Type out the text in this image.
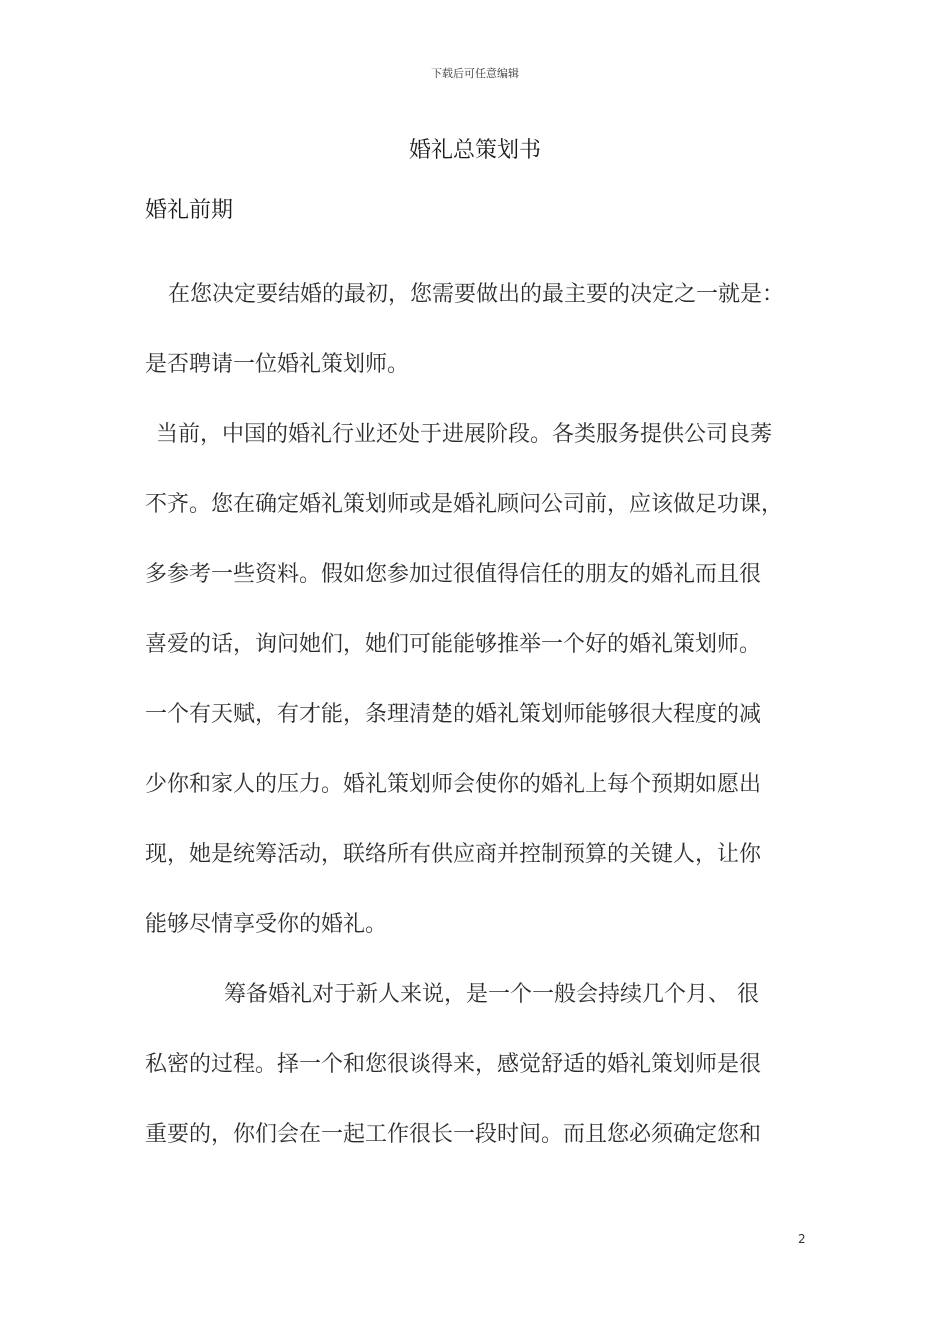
下载后可任意编辑
婚礼总策划书
婚礼前期
在您决定要结婚的最初，您需要做出的最主要的决定之一就是：
是否聘请一位婚礼策划师。
当前，中国的婚礼行业还处于进展阶段。各类服务提供公司良莠
不齐。您在确定婚礼策划师或是婚礼顾问公司前，应该做足功课，
多参考一些资料。假如您参加过很值得信任的朋友的婚礼而且很
喜爱的话，询问她们，她们可能能够推举一个好的婚礼策划师。
一个有天赋，有才能，条理清楚的婚礼策划师能够很大程度的减
少你和家人的压力。婚礼策划师会使你的婚礼上每个预期如愿出
现，她是统筹活动，联络所有供应商并控制预算的关键人，让你
能够尽情享受你的婚礼。
筹备婚礼对于新人来说，是一个一般会持续几个月、 很
私密的过程。择一个和您很谈得来，感觉舒适的婚礼策划师是很
重要的，你们会在一起工作很长一段时间。而且您必须确定您和
2
